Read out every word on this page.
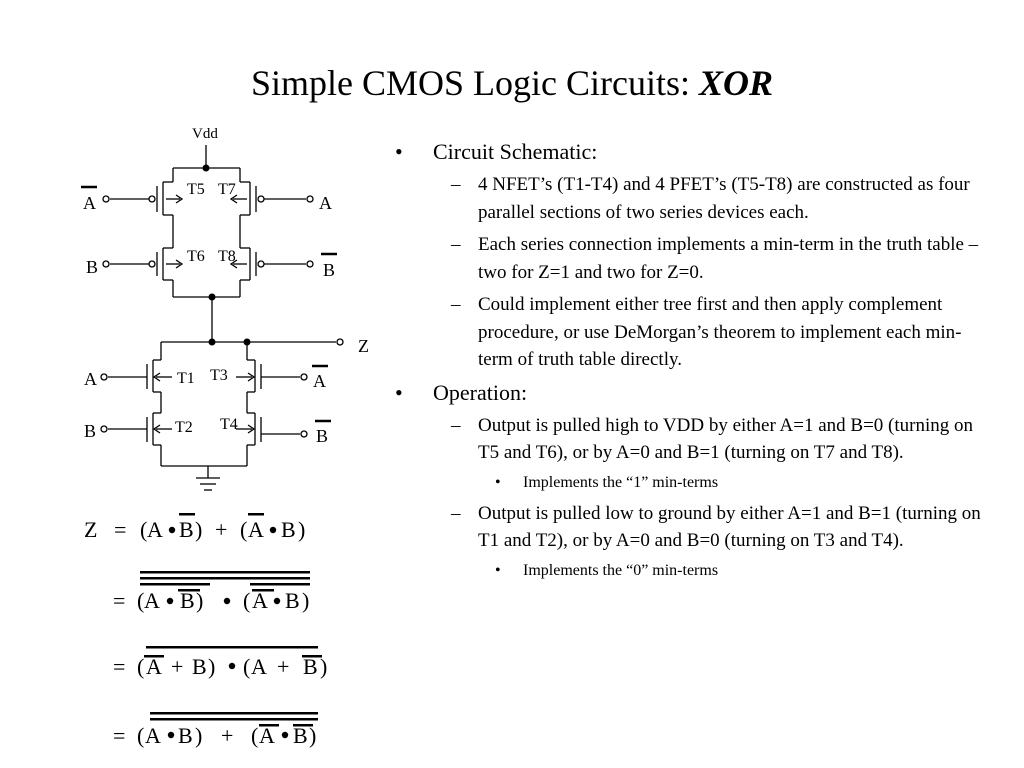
Simple CMOS Logic Circuits: XOR
Vdd
T5 T7
T6 T8
Z
T1 T3
T2 T4
A	A
B	B
A	A
B	B
Z = ( A B ) + ( A B )
= ( A B ) ( A B )
= ( A + B ) ( A + B )
= ( A B ) + ( A B )
• Circuit Schematic:
– 4 NFET’s (T1-T4) and 4 PFET’s (T5-T8) are constructed as four parallel sections of two series devices each.
– Each series connection implements a min-term in the truth table – two for Z=1 and two for Z=0.
– Could implement either tree first and then apply complement procedure, or use DeMorgan’s theorem to implement each min-term of truth table directly.
• Operation:
– Output is pulled high to VDD by either A=1 and B=0 (turning on T5 and T6), or by A=0 and B=1 (turning on T7 and T8).
• Implements the “1” min-terms
– Output is pulled low to ground by either A=1 and B=1 (turning on T1 and T2), or by A=0 and B=0 (turning on T3 and T4).
• Implements the “0” min-terms
